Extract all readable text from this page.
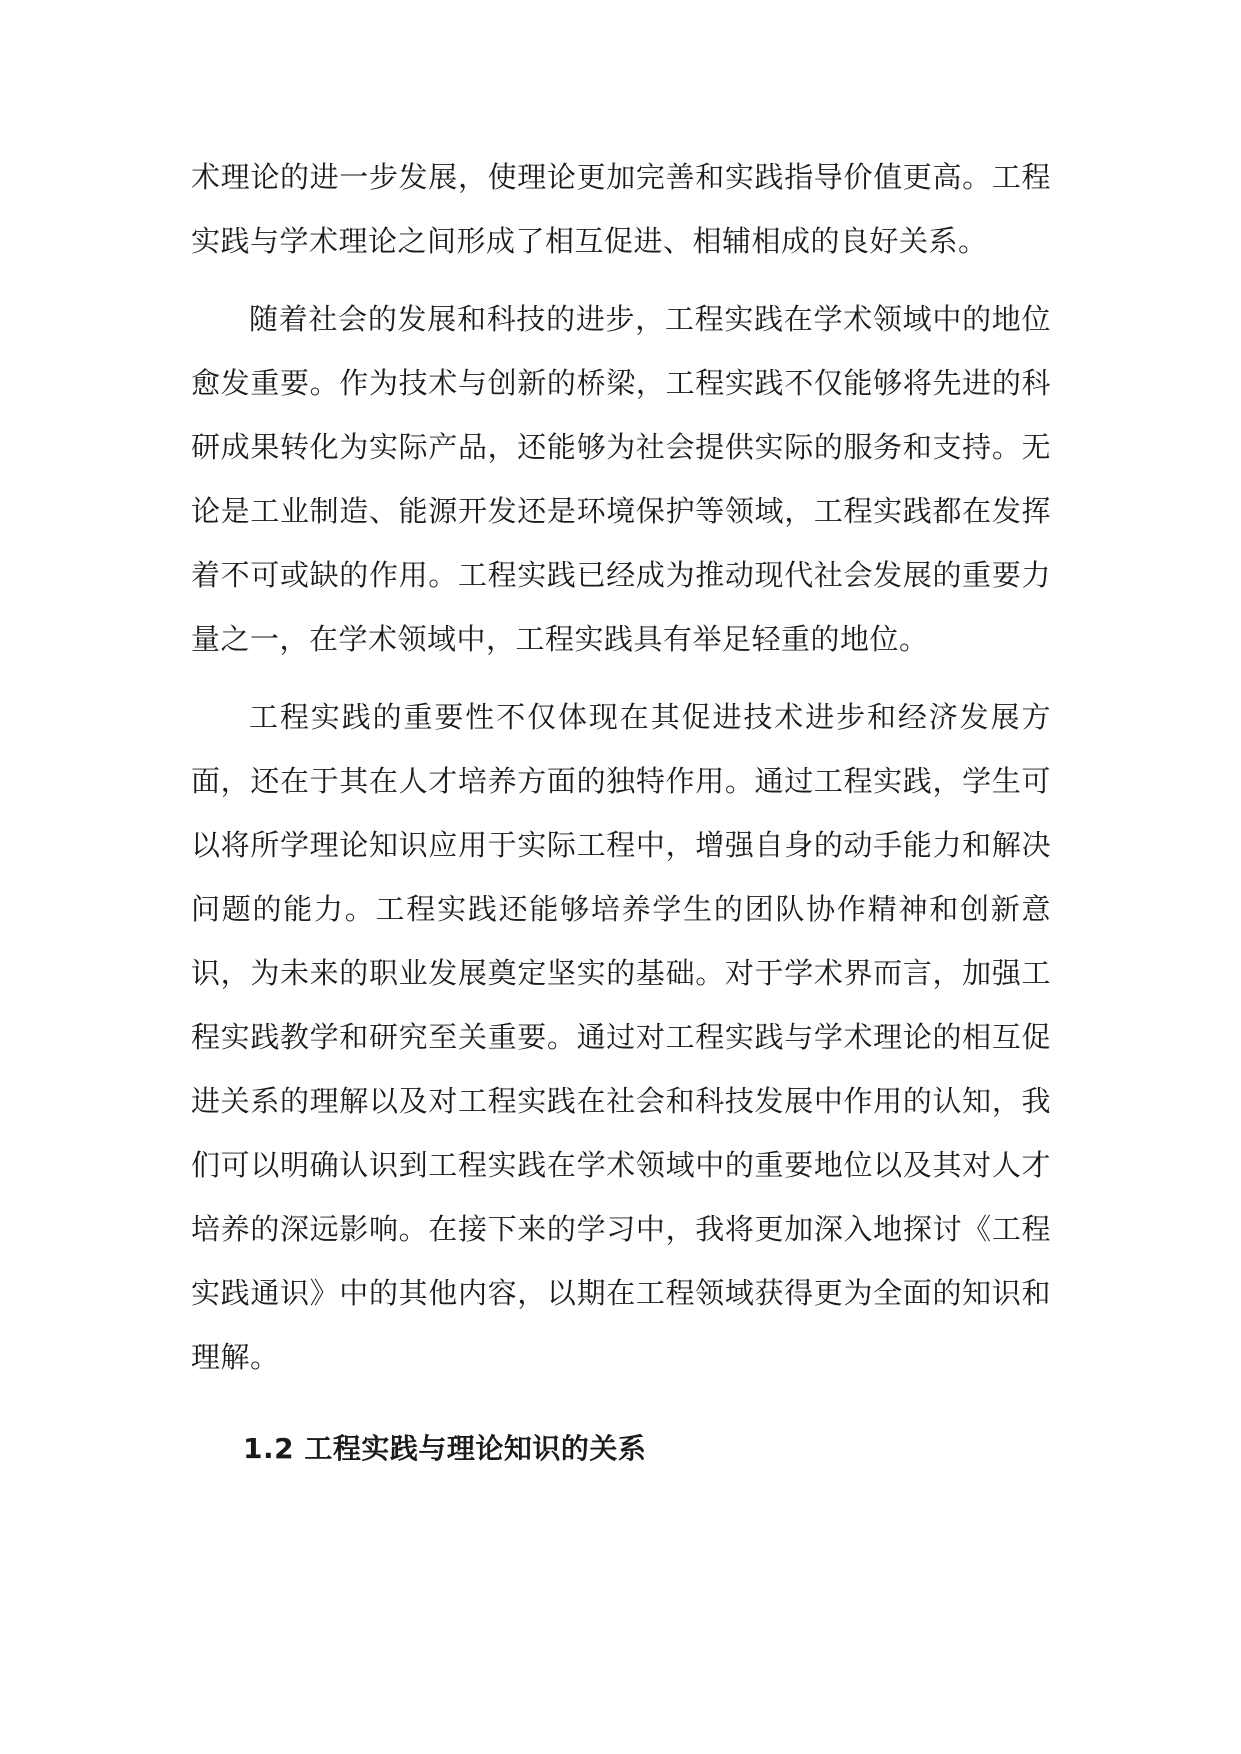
术理论的进一步发展，使理论更加完善和实践指导价值更高。工程实践与学术理论之间形成了相互促进、相辅相成的良好关系。

随着社会的发展和科技的进步，工程实践在学术领域中的地位愈发重要。作为技术与创新的桥梁，工程实践不仅能够将先进的科研成果转化为实际产品，还能够为社会提供实际的服务和支持。无论是工业制造、能源开发还是环境保护等领域，工程实践都在发挥着不可或缺的作用。工程实践已经成为推动现代社会发展的重要力量之一，在学术领域中，工程实践具有举足轻重的地位。

工程实践的重要性不仅体现在其促进技术进步和经济发展方面，还在于其在人才培养方面的独特作用。通过工程实践，学生可以将所学理论知识应用于实际工程中，增强自身的动手能力和解决问题的能力。工程实践还能够培养学生的团队协作精神和创新意识，为未来的职业发展奠定坚实的基础。对于学术界而言，加强工程实践教学和研究至关重要。通过对工程实践与学术理论的相互促进关系的理解以及对工程实践在社会和科技发展中作用的认知，我们可以明确认识到工程实践在学术领域中的重要地位以及其对人才培养的深远影响。在接下来的学习中，我将更加深入地探讨《工程实践通识》中的其他内容，以期在工程领域获得更为全面的知识和理解。

1.2 工程实践与理论知识的关系
